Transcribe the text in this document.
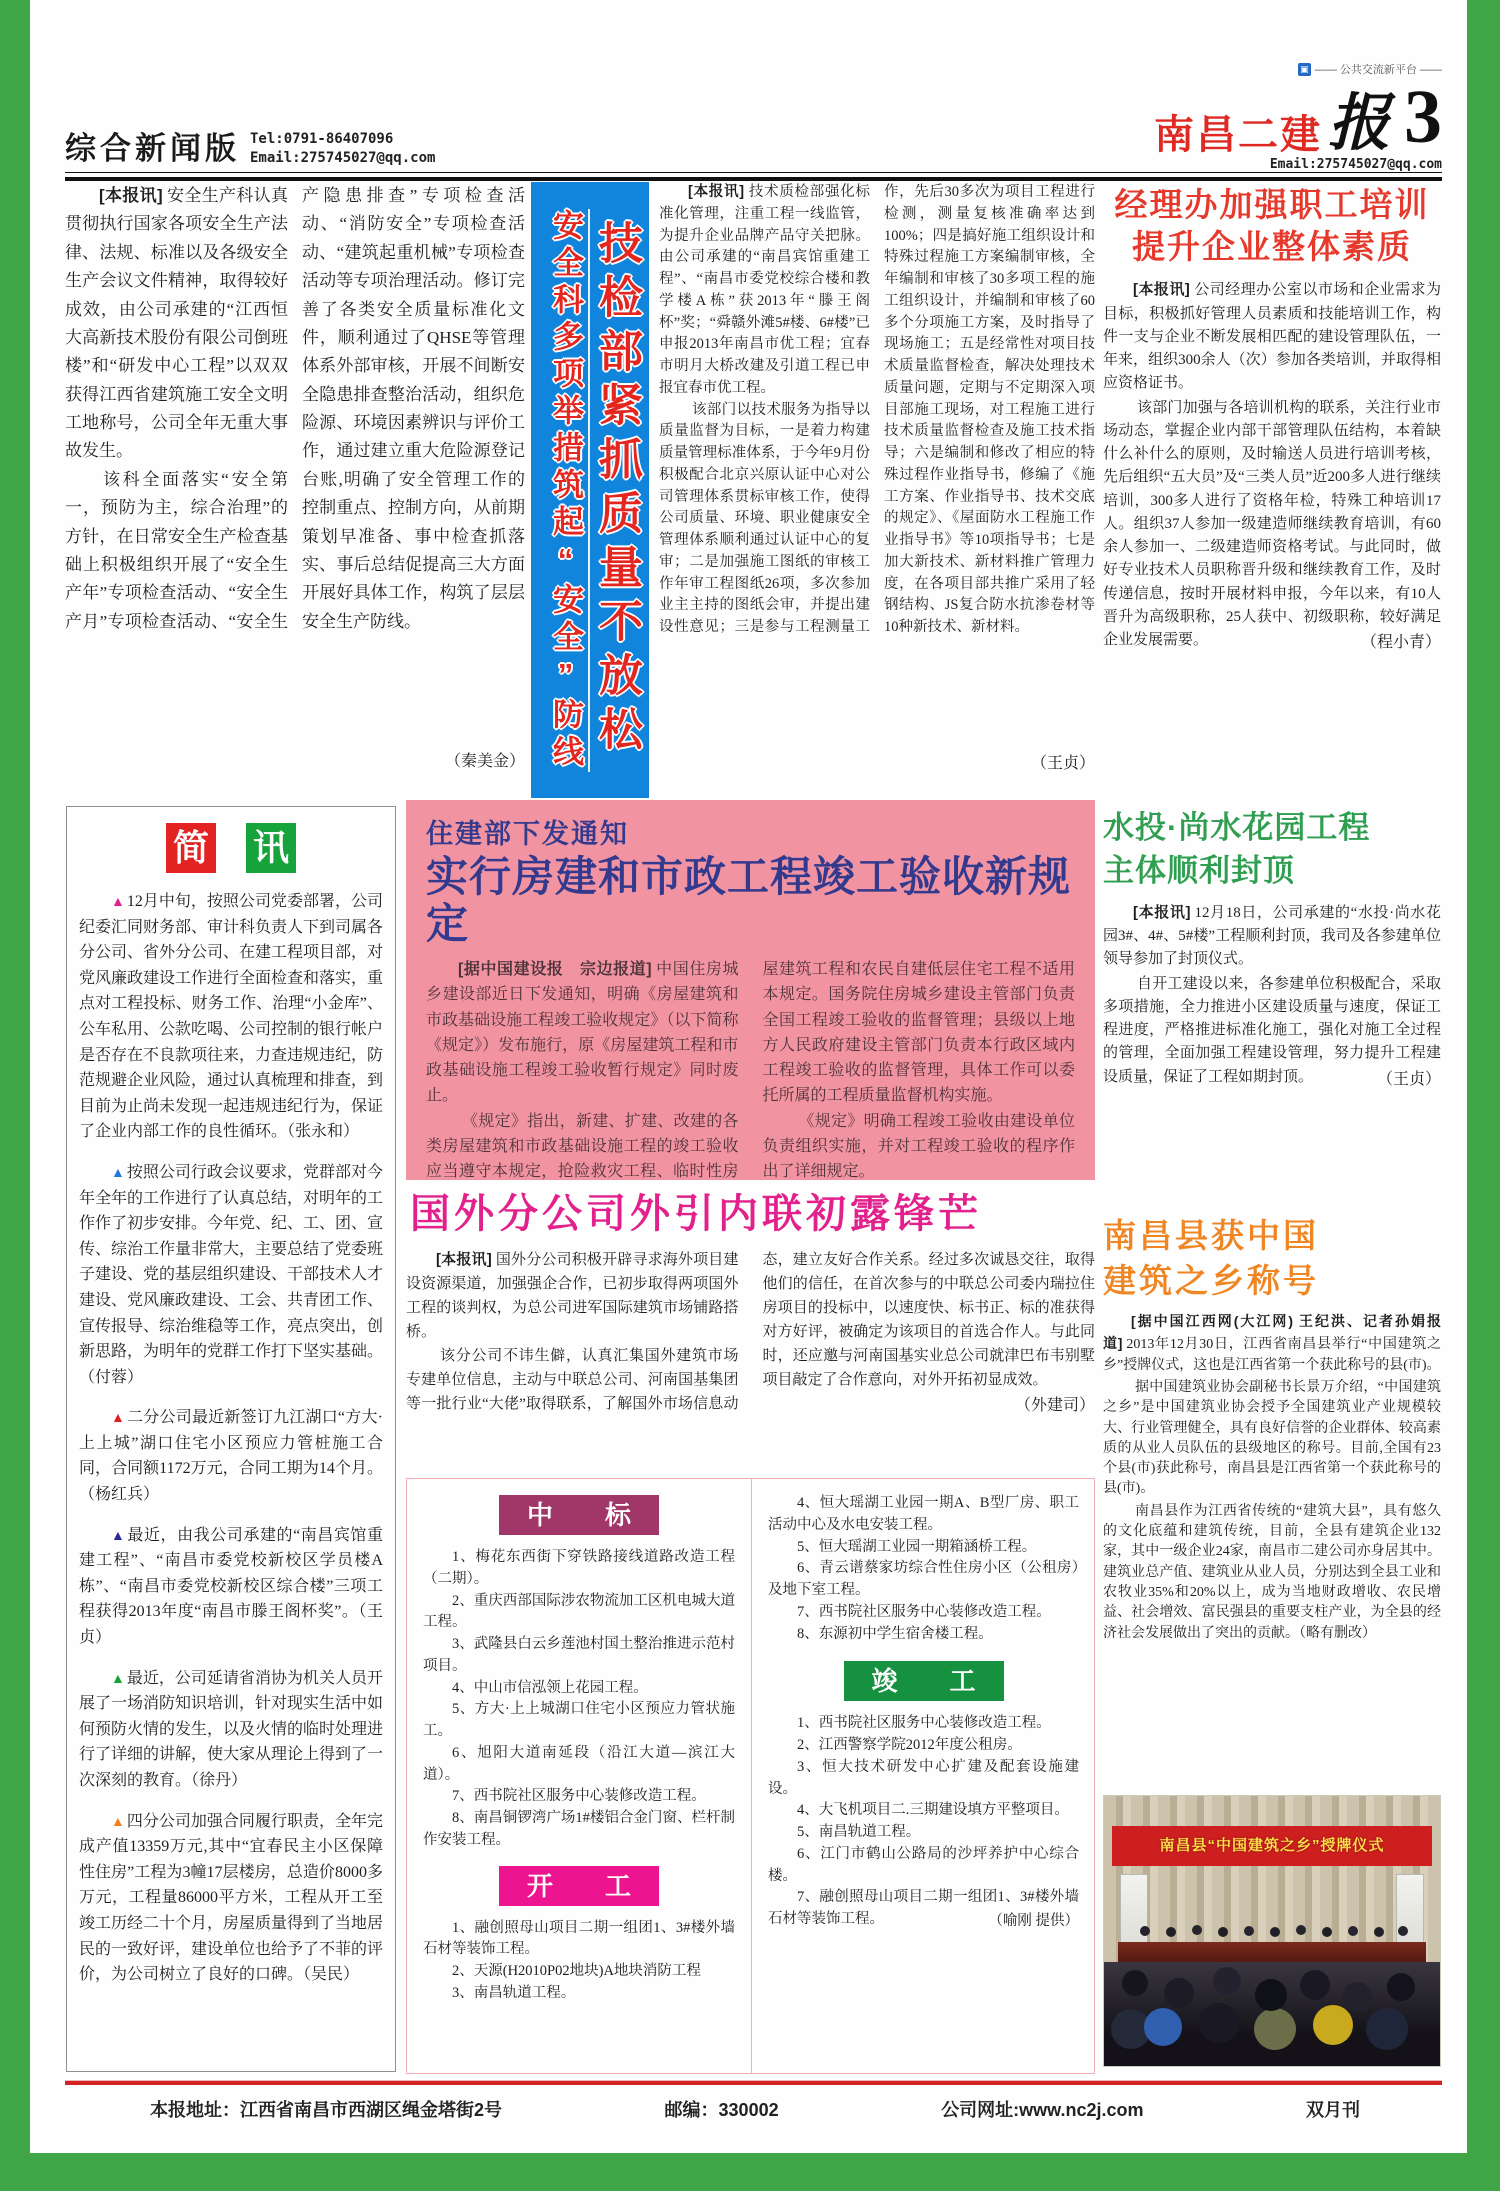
综合新闻版 Tel:0791-86407096
Email:275745027@qq.com
▣ —— 公共交流新平台 ——
南昌二建 报 3
Email:275745027@qq.com

[本报讯] 安全生产科认真贯彻执行国家各项安全生产法律、法规、标准以及各级安全生产会议文件精神，取得较好成效，由公司承建的“江西恒大高新技术股份有限公司倒班楼”和“研发中心工程”以双双获得江西省建筑施工安全文明工地称号，公司全年无重大事故发生。

该科全面落实“安全第一，预防为主，综合治理”的方针，在日常安全生产检查基础上积极组织开展了“安全生产年”专项检查活动、“安全生产月”专项检查活动、“安全生产隐患排查”专项检查活动、“消防安全”专项检查活动、“建筑起重机械”专项检查活动等专项治理活动。修订完善了各类安全质量标准化文件，顺利通过了QHSE等管理体系外部审核，开展不间断安全隐患排查整治活动，组织危险源、环境因素辨识与评价工作，通过建立重大危险源登记台账,明确了安全管理工作的控制重点、控制方向，从前期策划早准备、事中检查抓落实、事后总结促提高三大方面开展好具体工作，构筑了层层安全生产防线。

（秦美金）
技检部紧抓质量不放松
安全科多项举措筑起“安全”防线

[本报讯] 技术质检部强化标准化管理，注重工程一线监管，为提升企业品牌产品守关把脉。由公司承建的“南昌宾馆重建工程”、“南昌市委党校综合楼和教学楼A栋”获2013年“滕王阁杯”奖；“舜赣外滩5#楼、6#楼”已申报2013年南昌市优工程；宜春市明月大桥改建及引道工程已申报宜春市优工程。

该部门以技术服务为指导以质量监督为目标，一是着力构建质量管理标准体系，于今年9月份积极配合北京兴原认证中心对公司管理体系贯标审核工作，使得公司质量、环境、职业健康安全管理体系顺利通过认证中心的复审；二是加强施工图纸的审核工作年审工程图纸26项，多次参加业主主持的图纸会审，并提出建设性意见；三是参与工程测量工作，先后30多次为项目工程进行检测，测量复核准确率达到100%；四是搞好施工组织设计和特殊过程施工方案编制审核，全年编制和审核了30多项工程的施工组织设计，并编制和审核了60多个分项施工方案，及时指导了现场施工；五是经常性对项目技术质量监督检查，解决处理技术质量问题，定期与不定期深入项目部施工现场，对工程施工进行技术质量监督检查及施工技术指导；六是编制和修改了相应的特殊过程作业指导书，修编了《施工方案、作业指导书、技术交底的规定》、《屋面防水工程施工作业指导书》等10项指导书；七是加大新技术、新材料推广管理力度，在各项目部共推广采用了轻钢结构、JS复合防水抗渗卷材等10种新技术、新材料。

（王贞）
经理办加强职工培训
提升企业整体素质

[本报讯] 公司经理办公室以市场和企业需求为目标，积极抓好管理人员素质和技能培训工作，构件一支与企业不断发展相匹配的建设管理队伍，一年来，组织300余人（次）参加各类培训，并取得相应资格证书。

该部门加强与各培训机构的联系，关注行业市场动态，掌握企业内部干部管理队伍结构，本着缺什么补什么的原则，及时输送人员进行培训考核，先后组织“五大员”及“三类人员”近200多人进行继续培训，300多人进行了资格年检，特殊工种培训17人。组织37人参加一级建造师继续教育培训，有60余人参加一、二级建造师资格考试。与此同时，做好专业技术人员职称晋升级和继续教育工作，及时传递信息，按时开展材料申报，今年以来，有10人晋升为高级职称，25人获中、初级职称，较好满足企业发展需要。	（程小青）
简 讯

▲ 12月中旬，按照公司党委部署，公司纪委汇同财务部、审计科负责人下到司属各分公司、省外分公司、在建工程项目部，对党风廉政建设工作进行全面检查和落实，重点对工程投标、财务工作、治理“小金库”、公车私用、公款吃喝、公司控制的银行帐户是否存在不良款项往来，力查违规违纪，防范规避企业风险，通过认真梳理和排查，到目前为止尚未发现一起违规违纪行为，保证了企业内部工作的良性循环。（张永和）

▲ 按照公司行政会议要求，党群部对今年全年的工作进行了认真总结，对明年的工作作了初步安排。今年党、纪、工、团、宣传、综治工作量非常大，主要总结了党委班子建设、党的基层组织建设、干部技术人才建设、党风廉政建设、工会、共青团工作、宣传报导、综治维稳等工作，亮点突出，创新思路，为明年的党群工作打下坚实基础。（付蓉）

▲ 二分公司最近新签订九江湖口“方大·上上城”湖口住宅小区预应力管桩施工合同，合同额1172万元，合同工期为14个月。（杨红兵）

▲ 最近，由我公司承建的“南昌宾馆重建工程”、“南昌市委党校新校区学员楼A栋”、“南昌市委党校新校区综合楼”三项工程获得2013年度“南昌市滕王阁杯奖”。（王贞）

▲ 最近，公司延请省消协为机关人员开展了一场消防知识培训，针对现实生活中如何预防火情的发生，以及火情的临时处理进行了详细的讲解，使大家从理论上得到了一次深刻的教育。（徐丹）

▲ 四分公司加强合同履行职责，全年完成产值13359万元,其中“宜春民主小区保障性住房”工程为3幢17层楼房，总造价8000多万元，工程量86000平方米，工程从开工至竣工历经二十个月，房屋质量得到了当地居民的一致好评，建设单位也给予了不菲的评价，为公司树立了良好的口碑。（吴民）

住建部下发通知
实行房建和市政工程竣工验收新规定

[据中国建设报　宗边报道] 中国住房城乡建设部近日下发通知，明确《房屋建筑和市政基础设施工程竣工验收规定》（以下简称《规定》）发布施行，原《房屋建筑工程和市政基础设施工程竣工验收暂行规定》同时废止。

《规定》指出，新建、扩建、改建的各类房屋建筑和市政基础设施工程的竣工验收应当遵守本规定，抢险救灾工程、临时性房屋建筑工程和农民自建低层住宅工程不适用本规定。国务院住房城乡建设主管部门负责全国工程竣工验收的监督管理；县级以上地方人民政府建设主管部门负责本行政区域内工程竣工验收的监督管理，具体工作可以委托所属的工程质量监督机构实施。

《规定》明确工程竣工验收由建设单位负责组织实施，并对工程竣工验收的程序作出了详细规定。

国外分公司外引内联初露锋芒

[本报讯] 国外分公司积极开辟寻求海外项目建设资源渠道，加强强企合作，已初步取得两项国外工程的谈判权，为总公司进军国际建筑市场铺路搭桥。

该分公司不讳生僻，认真汇集国外建筑市场专建单位信息，主动与中联总公司、河南国基集团等一批行业“大佬”取得联系，了解国外市场信息动态，建立友好合作关系。经过多次诚恳交往，取得他们的信任，在首次参与的中联总公司委内瑞拉住房项目的投标中，以速度快、标书正、标的准获得对方好评，被确定为该项目的首选合作人。与此同时，还应邀与河南国基实业总公司就津巴布韦别墅项目敲定了合作意向，对外开拓初显成效。

（外建司）
中　　标

1、梅花东西街下穿铁路接线道路改造工程（二期）。

2、重庆西部国际涉农物流加工区机电城大道工程。

3、武隆县白云乡莲池村国土整治推进示范村项目。

4、中山市信泓领上花园工程。

5、方大·上上城湖口住宅小区预应力管状施工。

6、旭阳大道南延段（沿江大道—滨江大道）。

7、西书院社区服务中心装修改造工程。

8、南昌铜锣湾广场1#楼铝合金门窗、栏杆制作安装工程。

开　　工

1、融创照母山项目二期一组团1、3#楼外墙石材等装饰工程。

2、天源(H2010P02地块)A地块消防工程

3、南昌轨道工程。

4、恒大瑶湖工业园一期A、B型厂房、职工活动中心及水电安装工程。

5、恒大瑶湖工业园一期箱涵桥工程。

6、青云谱蔡家坊综合性住房小区（公租房）及地下室工程。

7、西书院社区服务中心装修改造工程。

8、东源初中学生宿舍楼工程。

竣　　工

1、西书院社区服务中心装修改造工程。

2、江西警察学院2012年度公租房。

3、恒大技术研发中心扩建及配套设施建设。

4、大飞机项目二.三期建设填方平整项目。

5、南昌轨道工程。

6、江门市鹤山公路局的沙坪养护中心综合楼。

7、融创照母山项目二期一组团1、3#楼外墙石材等装饰工程。	（喻刚 提供）
水投·尚水花园工程
主体顺利封顶

[本报讯] 12月18日，公司承建的“水投·尚水花园3#、4#、5#楼”工程顺利封顶，我司及各参建单位领导参加了封顶仪式。

自开工建设以来，各参建单位积极配合，采取多项措施，全力推进小区建设质量与速度，保证工程进度，严格推进标准化施工，强化对施工全过程的管理，全面加强工程建设管理，努力提升工程建设质量，保证了工程如期封顶。	（王贞）
南昌县获中国
建筑之乡称号

[据中国江西网(大江网) 王纪洪、记者孙娟报道] 2013年12月30日，江西省南昌县举行“中国建筑之乡”授牌仪式，这也是江西省第一个获此称号的县(市)。

据中国建筑业协会副秘书长景万介绍，“中国建筑之乡”是中国建筑业协会授予全国建筑业产业规模较大、行业管理健全，具有良好信誉的企业群体、较高素质的从业人员队伍的县级地区的称号。目前,全国有23个县(市)获此称号，南昌县是江西省第一个获此称号的县(市)。

南昌县作为江西省传统的“建筑大县”，具有悠久的文化底蕴和建筑传统，目前，全县有建筑企业132家，其中一级企业24家，南昌市二建公司亦身居其中。建筑业总产值、建筑业从业人员，分别达到全县工业和农牧业35%和20%以上，成为当地财政增收、农民增益、社会增效、富民强县的重要支柱产业，为全县的经济社会发展做出了突出的贡献。（略有删改）

南昌县“中国建筑之乡”授牌仪式
本报地址：江西省南昌市西湖区绳金塔街2号	邮编：330002	公司网址:www.nc2j.com	双月刊
